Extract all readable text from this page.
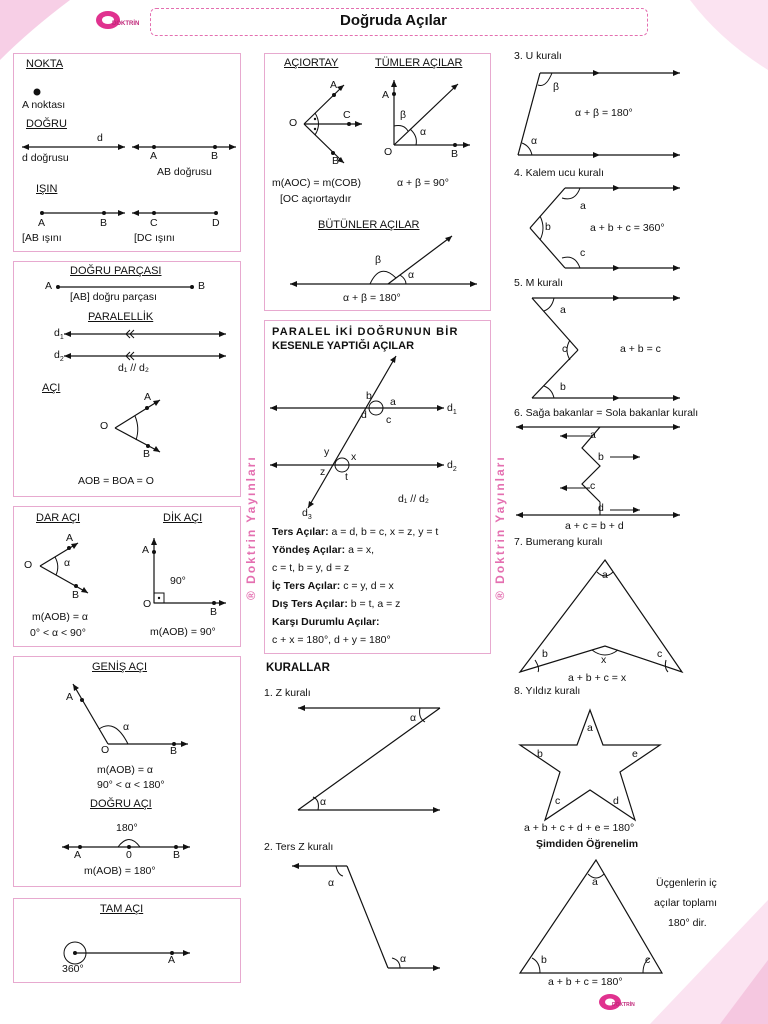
DOKTRİN	Doğruda Açılar
® Doktrin Yayınları	® Doktrin Yayınları
NOKTA
A noktası
DOĞRU
d
d doğrusu	A	B
AB doğrusu
IŞIN
A	B
[AB ışını
C	D
[DC ışını
DOĞRU PARÇASI
A	B
[AB] doğru parçası
PARALELLİK
$d_1$
$d_2$
d₁ // d₂
AÇI
A
O
B
AOB = BOA = O
DAR AÇI
A
O	α
B
m(AOB) = α
0° < α < 90°
DİK AÇI
A
90°
O
B
m(AOB) = 90°
GENİŞ AÇI
A
α
O	B
m(AOB) = α
90° < α < 180°
DOĞRU AÇI
180°
A	0	B
m(AOB) = 180°
TAM AÇI
A
360°
AÇIORTAY
A
O
C
B
m(AOC) = m(COB)
[OC açıortaydır
TÜMLER AÇILAR
A
β
α
O	B
α + β = 90°
BÜTÜNLER AÇILAR
β
α
α + β = 180°
PARALEL İKİ DOĞRUNUN BİR
KESENLE YAPTIĞI AÇILAR
b a
d c
$d_1$
y x
z t
$d_2$
$d_3$
d₁ // d₂
Ters Açılar: a = d, b = c, x = z, y = t
Yöndeş Açılar: a = x,
c = t, b = y, d = z
İç Ters Açılar: c = y, d = x
Dış Ters Açılar: b = t, a = z
Karşı Durumlu Açılar:
c + x = 180°, d + y = 180°
KURALLAR
1. Z kuralı
α
α
2. Ters Z kuralı
α
α
3. U kuralı
β
α
α + β = 180°
4. Kalem ucu kuralı
a
b
c
a + b + c = 360°
5. M kuralı
a
c
b
a + b = c
6. Sağa bakanlar = Sola bakanlar kuralı
a
b
c
d
a + c = b + d
7. Bumerang kuralı
a
b	c
x
a + b + c = x
8. Yıldız kuralı
a
b	e
c	d
a + b + c + d + e = 180°
Şimdiden Öğrenelim
Üçgenlerin iç
açılar toplamı
180° dir.
a
b	c
a + b + c = 180°
DOKTRİN
